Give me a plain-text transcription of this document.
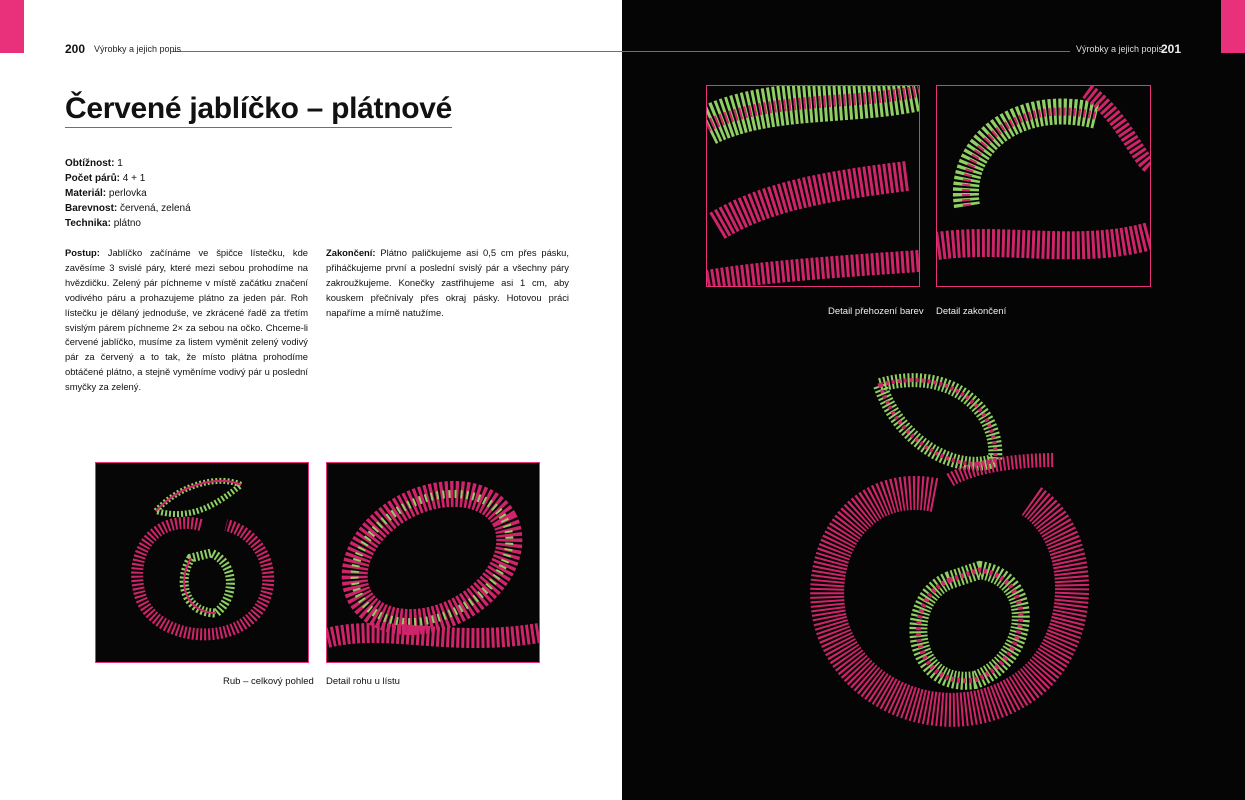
200 Výrobky a jejich popis	Výrobky a jejich popis
201
Červené jablíčko – plátnové
Obtížnost: 1
Počet párů: 4 + 1
Materiál: perlovka
Barevnost: červená, zelená
Technika: plátno
Postup: Jablíčko začínáme ve špičce lístečku, kde zavěsíme 3 svislé páry, které mezi sebou prohodíme na hvězdičku. Zelený pár píchneme v místě začátku značení vodivého páru a prohazujeme plátno za jeden pár. Roh lístečku je dělaný jednoduše, ve zkrácené řadě za třetím svislým párem píchneme 2× za sebou na očko. Chceme-li červené jablíčko, musíme za listem vyměnit zelený vodivý pár za červený a to tak, že místo plátna prohodíme obtáčené plátno, a stejně vyměníme vodivý pár u poslední smyčky za zelený.
Zakončení: Plátno paličkujeme asi 0,5 cm přes pásku, přiháčkujeme první a poslední svislý pár a všechny páry zakroužkujeme. Konečky zastřihujeme asi 1 cm, aby kouskem přečnívaly přes okraj pásky. Hotovou práci napaříme a mírně natužíme.
Rub – celkový pohled Detail rohu u lístu
Detail přehození barev Detail zakončení
